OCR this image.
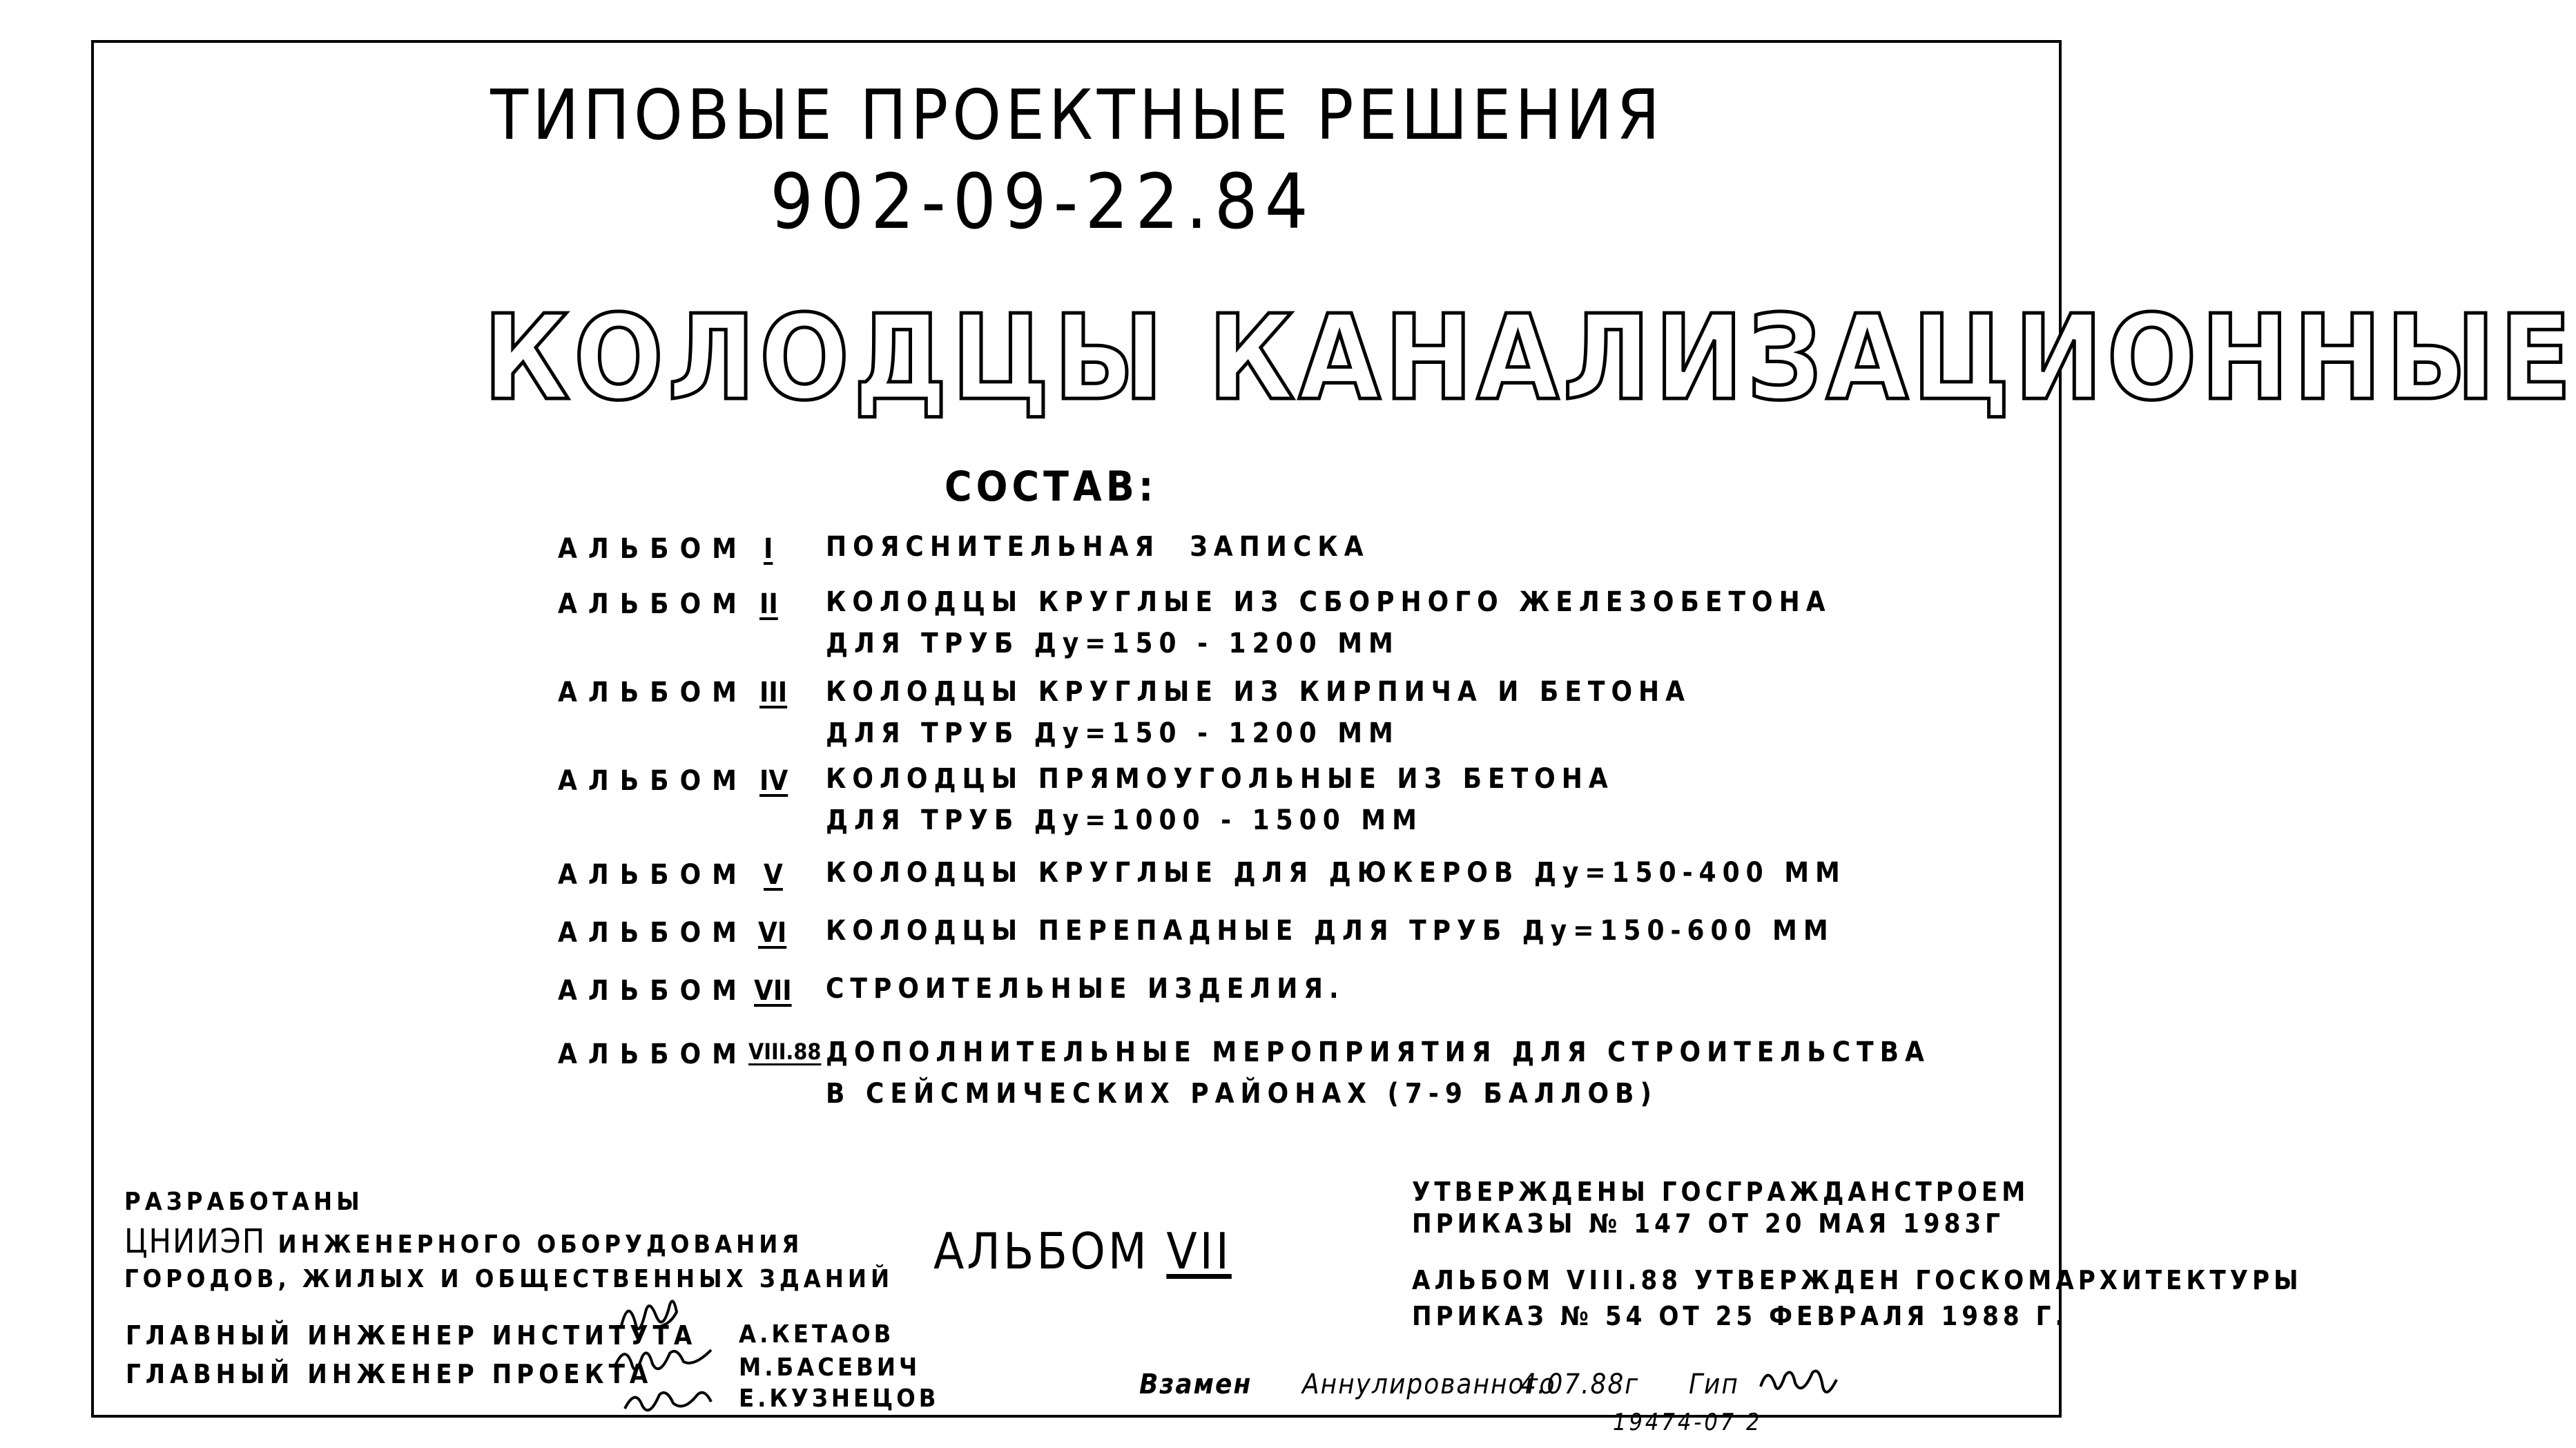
ТИПОВЫЕ ПРОЕКТНЫЕ РЕШЕНИЯ
902-09-22.84
КОЛОДЦЫ КАНАЛИЗАЦИОННЫЕ
СОСТАВ:
АЛЬБОМ I ПОЯСНИТЕЛЬНАЯ  ЗАПИСКА
АЛЬБОМ II КОЛОДЦЫ КРУГЛЫЕ ИЗ СБОРНОГО ЖЕЛЕЗОБЕТОНА
ДЛЯ ТРУБ Ду=150 - 1200 ММ
АЛЬБОМ III КОЛОДЦЫ КРУГЛЫЕ ИЗ КИРПИЧА И БЕТОНА
ДЛЯ ТРУБ Ду=150 - 1200 ММ
АЛЬБОМ IV КОЛОДЦЫ ПРЯМОУГОЛЬНЫЕ ИЗ БЕТОНА
ДЛЯ ТРУБ Ду=1000 - 1500 ММ
АЛЬБОМ V КОЛОДЦЫ КРУГЛЫЕ ДЛЯ ДЮКЕРОВ Ду=150-400 ММ
АЛЬБОМ VI КОЛОДЦЫ ПЕРЕПАДНЫЕ ДЛЯ ТРУБ Ду=150-600 ММ
АЛЬБОМ VII СТРОИТЕЛЬНЫЕ ИЗДЕЛИЯ.
АЛЬБОМ VIII.88 ДОПОЛНИТЕЛЬНЫЕ МЕРОПРИЯТИЯ ДЛЯ СТРОИТЕЛЬСТВА
В СЕЙСМИЧЕСКИХ РАЙОНАХ (7-9 БАЛЛОВ)
РАЗРАБОТАНЫ
ЦНИИЭП ИНЖЕНЕРНОГО ОБОРУДОВАНИЯ
ГОРОДОВ, ЖИЛЫХ И ОБЩЕСТВЕННЫХ ЗДАНИЙ
ГЛАВНЫЙ ИНЖЕНЕР ИНСТИТУТА
ГЛАВНЫЙ ИНЖЕНЕР ПРОЕКТА
А.КЕТАОВ
М.БАСЕВИЧ
Е.КУЗНЕЦОВ
АЛЬБОМ VII
УТВЕРЖДЕНЫ ГОСГРАЖДАНСТРОЕМ
ПРИКАЗЫ № 147 ОТ 20 МАЯ 1983Г
АЛЬБОМ VIII.88 УТВЕРЖДЕН ГОСКОМАРХИТЕКТУРЫ
ПРИКАЗ № 54 ОТ 25 ФЕВРАЛЯ 1988 Г.
Взамен Аннулированного
4.07.88г Гип
19474-07 2
